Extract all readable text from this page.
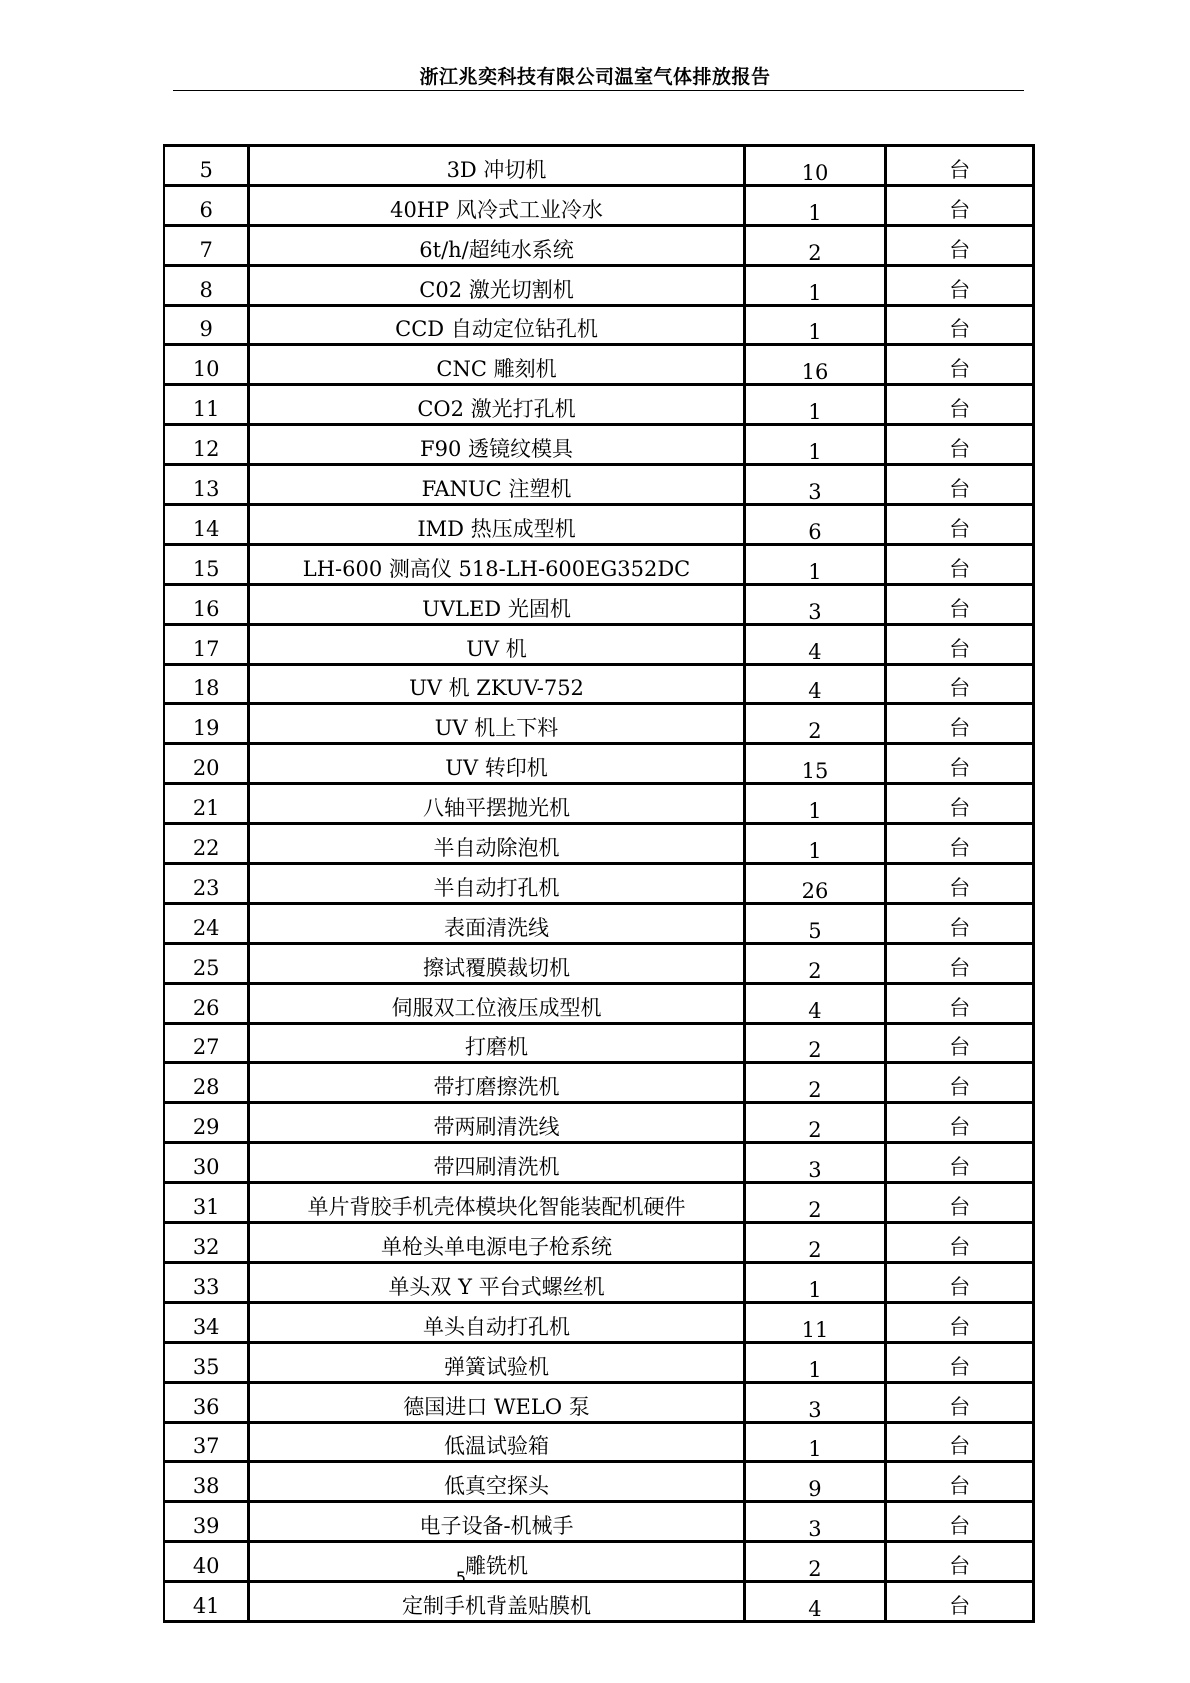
浙江兆奕科技有限公司温室气体排放报告
5	3D 冲切机	10	台
6	40HP 风冷式工业冷水	1	台
7	6t/h/超纯水系统	2	台
8	C02 激光切割机	1	台
9	CCD 自动定位钻孔机	1	台
10	CNC 雕刻机	16	台
11	CO2 激光打孔机	1	台
12	F90 透镜纹模具	1	台
13	FANUC 注塑机	3	台
14	IMD 热压成型机	6	台
15	LH-600 测高仪 518-LH-600EG352DC	1	台
16	UVLED 光固机	3	台
17	UV 机	4	台
18	UV 机 ZKUV-752	4	台
19	UV 机上下料	2	台
20	UV 转印机	15	台
21	八轴平摆抛光机	1	台
22	半自动除泡机	1	台
23	半自动打孔机	26	台
24	表面清洗线	5	台
25	擦试覆膜裁切机	2	台
26	伺服双工位液压成型机	4	台
27	打磨机	2	台
28	带打磨擦洗机	2	台
29	带两刷清洗线	2	台
30	带四刷清洗机	3	台
31	单片背胶手机壳体模块化智能装配机硬件	2	台
32	单枪头单电源电子枪系统	2	台
33	单头双 Y 平台式螺丝机	1	台
34	单头自动打孔机	11	台
35	弹簧试验机	1	台
36	德国进口 WELO 泵	3	台
37	低温试验箱	1	台
38	低真空探头	9	台
39	电子设备-机械手	3	台
40	雕铣机	2	台
41	定制手机背盖贴膜机	4	台
5
